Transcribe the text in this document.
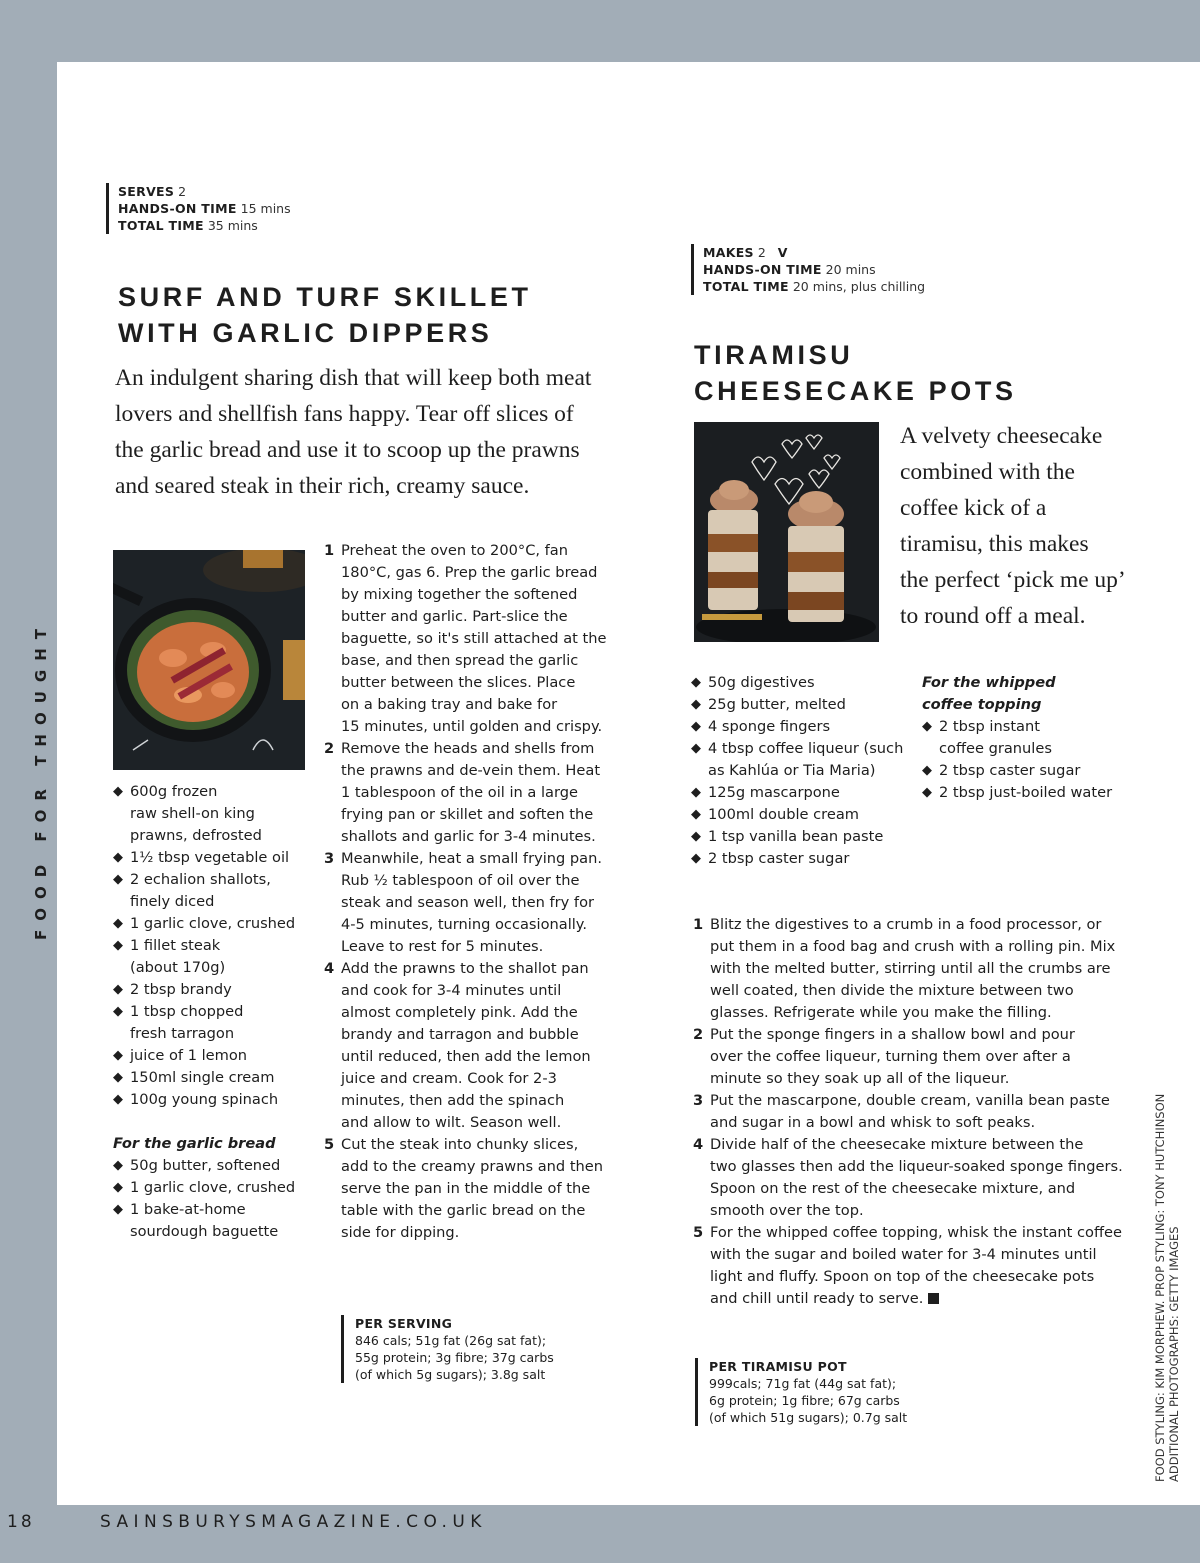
FOOD FOR THOUGHT
SERVES 2
HANDS-ON TIME 15 mins
TOTAL TIME 35 mins
SURF AND TURF SKILLET
WITH GARLIC DIPPERS
An indulgent sharing dish that will keep both meat
lovers and shellfish fans happy. Tear off slices of
the garlic bread and use it to scoop up the prawns
and seared steak in their rich, creamy sauce.
◆ 600g frozen
raw shell-on king
prawns, defrosted
◆ 1½ tbsp vegetable oil
◆ 2 echalion shallots,
finely diced
◆ 1 garlic clove, crushed
◆ 1 fillet steak
(about 170g)
◆ 2 tbsp brandy
◆ 1 tbsp chopped
fresh tarragon
◆ juice of 1 lemon
◆ 150ml single cream
◆ 100g young spinach
For the garlic bread
◆ 50g butter, softened
◆ 1 garlic clove, crushed
◆ 1 bake-at-home
sourdough baguette
1 Preheat the oven to 200°C, fan
180°C, gas 6. Prep the garlic bread
by mixing together the softened
butter and garlic. Part-slice the
baguette, so it's still attached at the
base, and then spread the garlic
butter between the slices. Place
on a baking tray and bake for
15 minutes, until golden and crispy.
2 Remove the heads and shells from
the prawns and de-vein them. Heat
1 tablespoon of the oil in a large
frying pan or skillet and soften the
shallots and garlic for 3-4 minutes.
3 Meanwhile, heat a small frying pan.
Rub ½ tablespoon of oil over the
steak and season well, then fry for
4-5 minutes, turning occasionally.
Leave to rest for 5 minutes.
4 Add the prawns to the shallot pan
and cook for 3-4 minutes until
almost completely pink. Add the
brandy and tarragon and bubble
until reduced, then add the lemon
juice and cream. Cook for 2-3
minutes, then add the spinach
and allow to wilt. Season well.
5 Cut the steak into chunky slices,
add to the creamy prawns and then
serve the pan in the middle of the
table with the garlic bread on the
side for dipping.
PER SERVING
846 cals; 51g fat (26g sat fat);
55g protein; 3g fibre; 37g carbs
(of which 5g sugars); 3.8g salt
MAKES 2 V
HANDS-ON TIME 20 mins
TOTAL TIME 20 mins, plus chilling
TIRAMISU
CHEESECAKE POTS
A velvety cheesecake
combined with the
coffee kick of a
tiramisu, this makes
the perfect ‘pick me up’
to round off a meal.
◆ 50g digestives
◆ 25g butter, melted
◆ 4 sponge fingers
◆ 4 tbsp coffee liqueur (such
as Kahlúa or Tia Maria)
◆ 125g mascarpone
◆ 100ml double cream
◆ 1 tsp vanilla bean paste
◆ 2 tbsp caster sugar
For the whipped
coffee topping
◆ 2 tbsp instant
coffee granules
◆ 2 tbsp caster sugar
◆ 2 tbsp just-boiled water
1 Blitz the digestives to a crumb in a food processor, or
put them in a food bag and crush with a rolling pin. Mix
with the melted butter, stirring until all the crumbs are
well coated, then divide the mixture between two
glasses. Refrigerate while you make the filling.
2 Put the sponge fingers in a shallow bowl and pour
over the coffee liqueur, turning them over after a
minute so they soak up all of the liqueur.
3 Put the mascarpone, double cream, vanilla bean paste
and sugar in a bowl and whisk to soft peaks.
4 Divide half of the cheesecake mixture between the
two glasses then add the liqueur-soaked sponge fingers.
Spoon on the rest of the cheesecake mixture, and
smooth over the top.
5 For the whipped coffee topping, whisk the instant coffee
with the sugar and boiled water for 3-4 minutes until
light and fluffy. Spoon on top of the cheesecake pots
and chill until ready to serve.
PER TIRAMISU POT
999cals; 71g fat (44g sat fat);
6g protein; 1g fibre; 67g carbs
(of which 51g sugars); 0.7g salt	FOOD STYLING: KIM MORPHEW. PROP STYLING: TONY HUTCHINSON ADDITIONAL PHOTOGRAPHS: GETTY IMAGES
18	SAINSBURYSMAGAZINE.CO.UK
